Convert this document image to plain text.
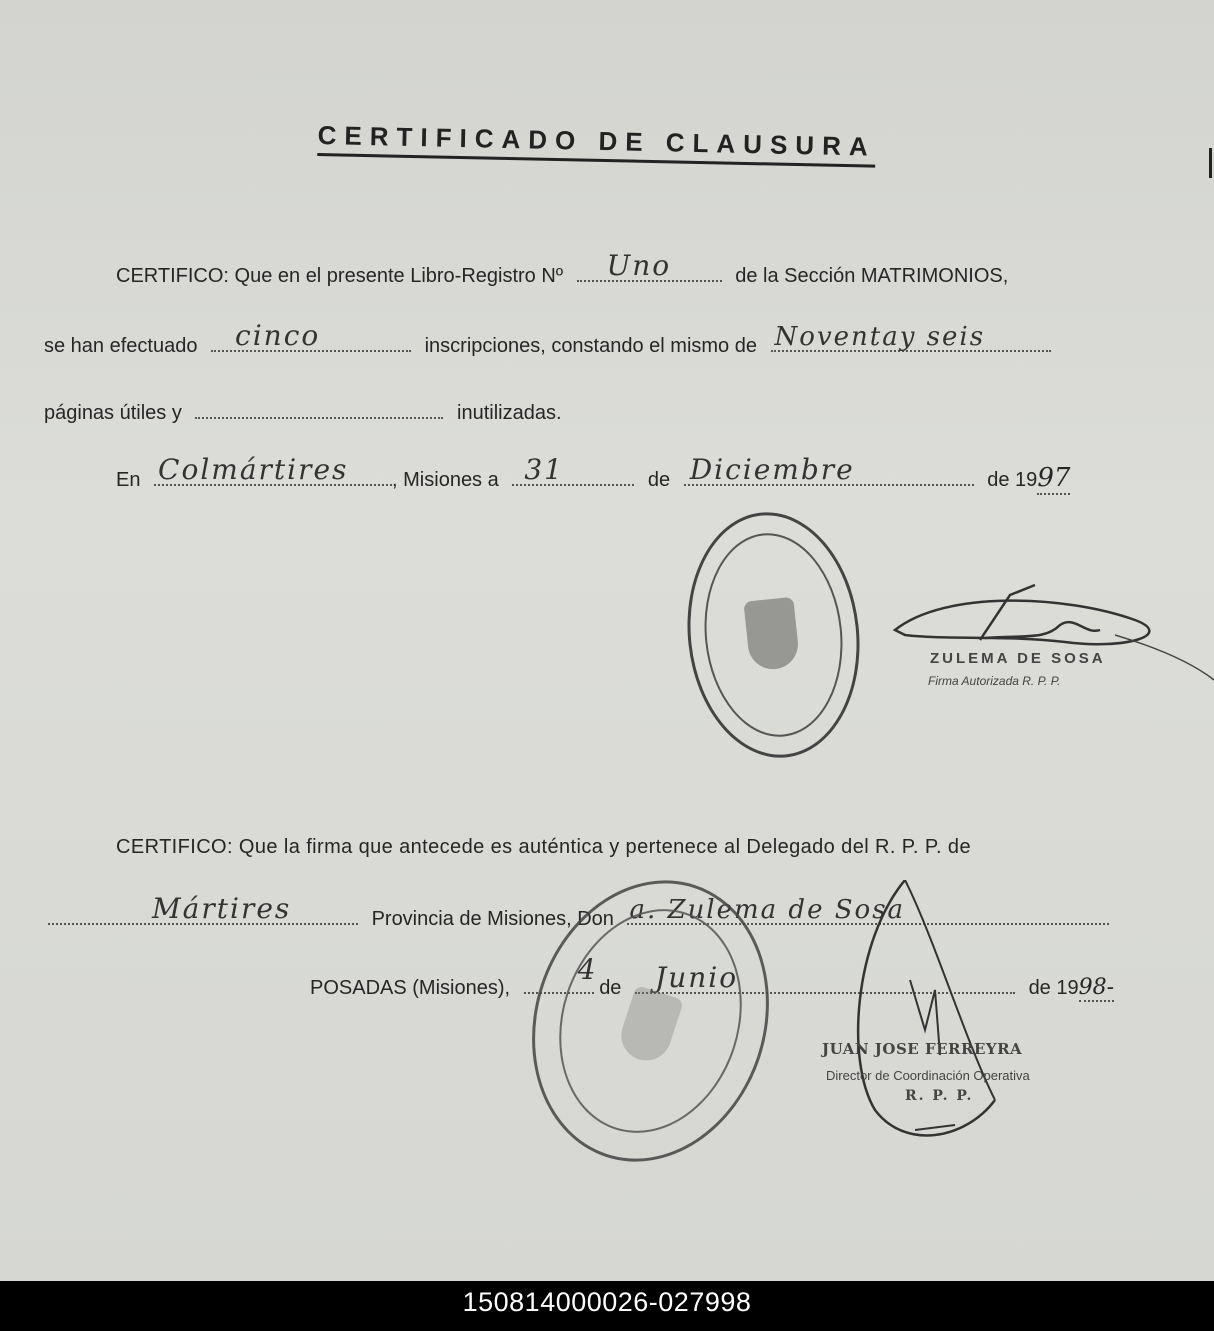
CERTIFICADO DE CLAUSURA
CERTIFICO: Que en el presente Libro-Registro Nº Uno	de la Sección MATRIMONIOS,
se han efectuado cinco	inscripciones, constando el mismo de Noventay seis
páginas útiles y	inutilizadas.
En Colmártires , Misiones a 31	de Diciembre	de 1997
ZULEMA DE SOSA
Firma Autorizada R. P. P.
CERTIFICO: Que la firma que antecede es auténtica y pertenece al Delegado del R. P. P. de
Mártires	Provincia de Misiones, Don a. Zulema de Sosa
POSADAS (Misiones),
4
de Junio	de 1998-
JUAN JOSE FERREYRA
Director de Coordinación Operativa
R. P. P.
150814000026-027998
